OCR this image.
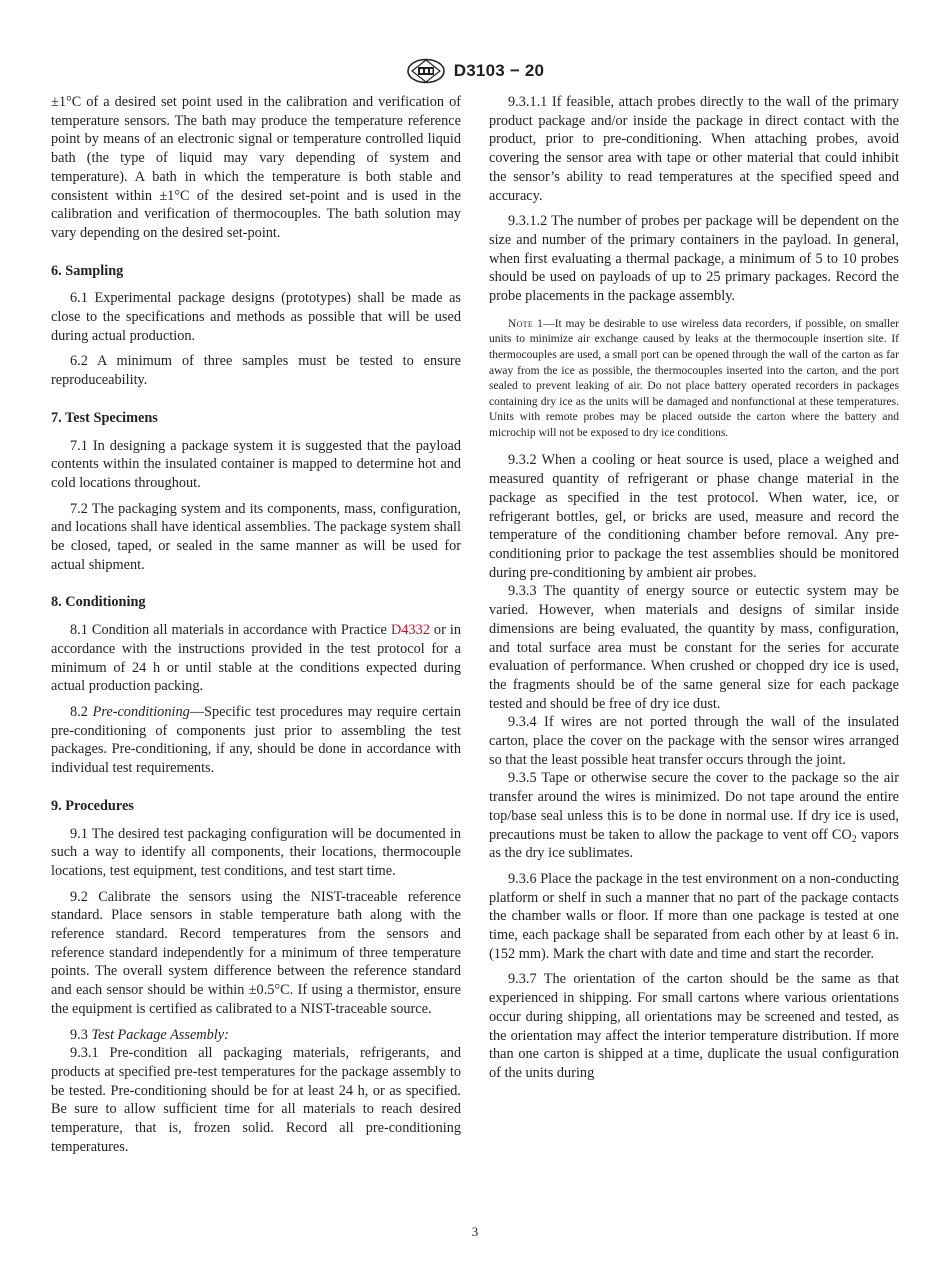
D3103 − 20

±1°C of a desired set point used in the calibration and verification of temperature sensors. The bath may produce the temperature reference point by means of an electronic signal or temperature controlled liquid bath (the type of liquid may vary depending of system and temperature). A bath in which the temperature is both stable and consistent within ±1°C of the desired set-point and is used in the calibration and verification of thermocouples. The bath solution may vary depending on the desired set-point.

6. Sampling

6.1 Experimental package designs (prototypes) shall be made as close to the specifications and methods as possible that will be used during actual production.

6.2 A minimum of three samples must be tested to ensure reproduceability.

7. Test Specimens

7.1 In designing a package system it is suggested that the payload contents within the insulated container is mapped to determine hot and cold locations throughout.

7.2 The packaging system and its components, mass, configuration, and locations shall have identical assemblies. The package system shall be closed, taped, or sealed in the same manner as will be used for actual shipment.

8. Conditioning

8.1 Condition all materials in accordance with Practice D4332 or in accordance with the instructions provided in the test protocol for a minimum of 24 h or until stable at the conditions expected during actual production packing.

8.2 Pre-conditioning—Specific test procedures may require certain pre-conditioning of components just prior to assembling the test packages. Pre-conditioning, if any, should be done in accordance with individual test requirements.

9. Procedures

9.1 The desired test packaging configuration will be documented in such a way to identify all components, their locations, thermocouple locations, test equipment, test conditions, and test start time.

9.2 Calibrate the sensors using the NIST-traceable reference standard. Place sensors in stable temperature bath along with the reference standard. Record temperatures from the sensors and reference standard independently for a minimum of three temperature points. The overall system difference between the reference standard and each sensor should be within ±0.5°C. If using a thermistor, ensure the equipment is certified as calibrated to a NIST-traceable source.

9.3 Test Package Assembly:

9.3.1 Pre-condition all packaging materials, refrigerants, and products at specified pre-test temperatures for the package assembly to be tested. Pre-conditioning should be for at least 24 h, or as specified. Be sure to allow sufficient time for all materials to reach desired temperature, that is, frozen solid. Record all pre-conditioning temperatures.

9.3.1.1 If feasible, attach probes directly to the wall of the primary product package and/or inside the package in direct contact with the product, prior to pre-conditioning. When attaching probes, avoid covering the sensor area with tape or other material that could inhibit the sensor’s ability to read temperatures at the specified speed and accuracy.

9.3.1.2 The number of probes per package will be dependent on the size and number of the primary containers in the payload. In general, when first evaluating a thermal package, a minimum of 5 to 10 probes should be used on payloads of up to 25 primary packages. Record the probe placements in the package assembly.

Note 1—It may be desirable to use wireless data recorders, if possible, on smaller units to minimize air exchange caused by leaks at the thermocouple insertion site. If thermocouples are used, a small port can be opened through the wall of the carton as far away from the ice as possible, the thermocouples inserted into the carton, and the port sealed to prevent leaking of air. Do not place battery operated recorders in packages containing dry ice as the units will be damaged and nonfunctional at these temperatures. Units with remote probes may be placed outside the carton where the battery and microchip will not be exposed to dry ice conditions.

9.3.2 When a cooling or heat source is used, place a weighed and measured quantity of refrigerant or phase change material in the package as specified in the test protocol. When water, ice, or refrigerant bottles, gel, or bricks are used, measure and record the temperature of the conditioning chamber before removal. Any pre-conditioning prior to package the test assemblies should be monitored during pre-conditioning by ambient air probes.

9.3.3 The quantity of energy source or eutectic system may be varied. However, when materials and designs of similar inside dimensions are being evaluated, the quantity by mass, configuration, and total surface area must be constant for the series for accurate evaluation of performance. When crushed or chopped dry ice is used, the fragments should be of the same general size for each package tested and should be free of dry ice dust.

9.3.4 If wires are not ported through the wall of the insulated carton, place the cover on the package with the sensor wires arranged so that the least possible heat transfer occurs through the joint.

9.3.5 Tape or otherwise secure the cover to the package so the air transfer around the wires is minimized. Do not tape around the entire top/base seal unless this is to be done in normal use. If dry ice is used, precautions must be taken to allow the package to vent off $CO_2$ vapors as the dry ice sublimates.

9.3.6 Place the package in the test environment on a non-conducting platform or shelf in such a manner that no part of the package contacts the chamber walls or floor. If more than one package is tested at one time, each package shall be separated from each other by at least 6 in. (152 mm). Mark the chart with date and time and start the recorder.

9.3.7 The orientation of the carton should be the same as that experienced in shipping. For small cartons where various orientations occur during shipping, all orientations may be screened and tested, as the orientation may affect the interior temperature distribution. If more than one carton is shipped at a time, duplicate the usual configuration of the units during

3
